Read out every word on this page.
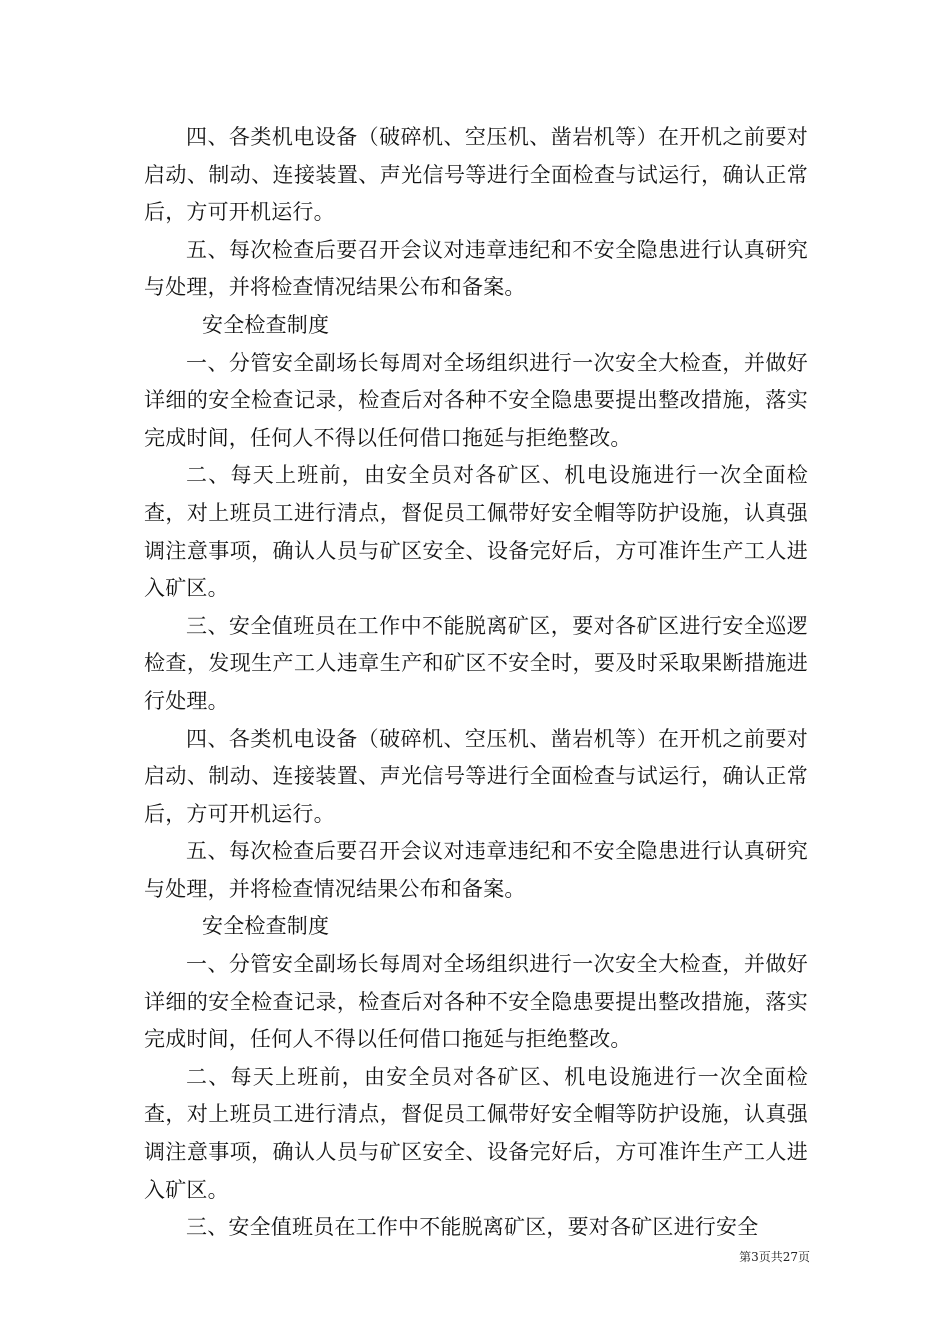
四、各类机电设备（破碎机、空压机、凿岩机等）在开机之前要对启动、制动、连接装置、声光信号等进行全面检查与试运行，确认正常后，方可开机运行。

五、每次检查后要召开会议对违章违纪和不安全隐患进行认真研究与处理，并将检查情况结果公布和备案。

安全检查制度

一、分管安全副场长每周对全场组织进行一次安全大检查，并做好详细的安全检查记录，检查后对各种不安全隐患要提出整改措施，落实完成时间，任何人不得以任何借口拖延与拒绝整改。

二、每天上班前，由安全员对各矿区、机电设施进行一次全面检查，对上班员工进行清点，督促员工佩带好安全帽等防护设施，认真强调注意事项，确认人员与矿区安全、设备完好后，方可准许生产工人进入矿区。

三、安全值班员在工作中不能脱离矿区，要对各矿区进行安全巡逻检查，发现生产工人违章生产和矿区不安全时，要及时采取果断措施进行处理。

四、各类机电设备（破碎机、空压机、凿岩机等）在开机之前要对启动、制动、连接装置、声光信号等进行全面检查与试运行，确认正常后，方可开机运行。

五、每次检查后要召开会议对违章违纪和不安全隐患进行认真研究与处理，并将检查情况结果公布和备案。

安全检查制度

一、分管安全副场长每周对全场组织进行一次安全大检查，并做好详细的安全检查记录，检查后对各种不安全隐患要提出整改措施，落实完成时间，任何人不得以任何借口拖延与拒绝整改。

二、每天上班前，由安全员对各矿区、机电设施进行一次全面检查，对上班员工进行清点，督促员工佩带好安全帽等防护设施，认真强调注意事项，确认人员与矿区安全、设备完好后，方可准许生产工人进入矿区。

三、安全值班员在工作中不能脱离矿区，要对各矿区进行安全

第3页共27页
